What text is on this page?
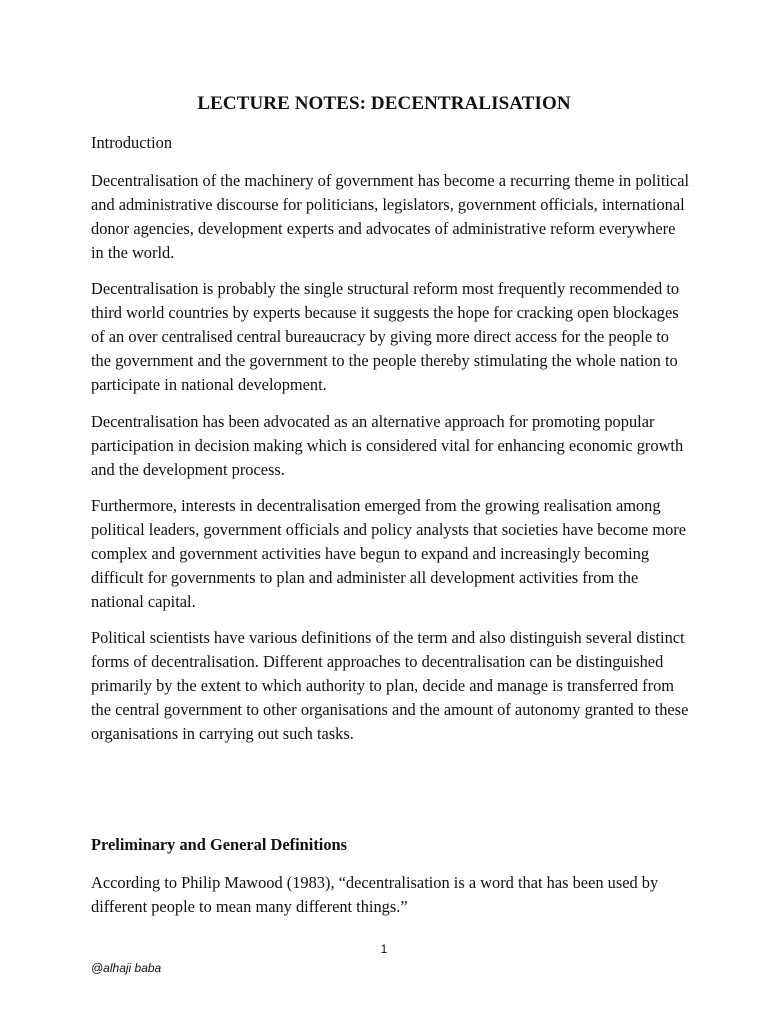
LECTURE NOTES: DECENTRALISATION

Introduction

Decentralisation of the machinery of government has become a recurring theme in political and administrative discourse for politicians, legislators, government officials, international donor agencies, development experts and advocates of administrative reform everywhere in the world.

Decentralisation is probably the single structural reform most frequently recommended to third world countries by experts because it suggests the hope for cracking open blockages of an over centralised central bureaucracy by giving more direct access for the people to the government and the government to the people thereby stimulating the whole nation to participate in national development.

Decentralisation has been advocated as an alternative approach for promoting popular participation in decision making which is considered vital for enhancing economic growth and the development process.

Furthermore, interests in decentralisation emerged from the growing realisation among political leaders, government officials and policy analysts that societies have become more complex and government activities have begun to expand and increasingly becoming difficult for governments to plan and administer all development activities from the national capital.

Political scientists have various definitions of the term and also distinguish several distinct forms of decentralisation. Different approaches to decentralisation can be distinguished primarily by the extent to which authority to plan, decide and manage is transferred from the central government to other organisations and the amount of autonomy granted to these organisations in carrying out such tasks.

Preliminary and General Definitions

According to Philip Mawood (1983), “decentralisation is a word that has been used by different people to mean many different things.”

1
@alhaji baba
